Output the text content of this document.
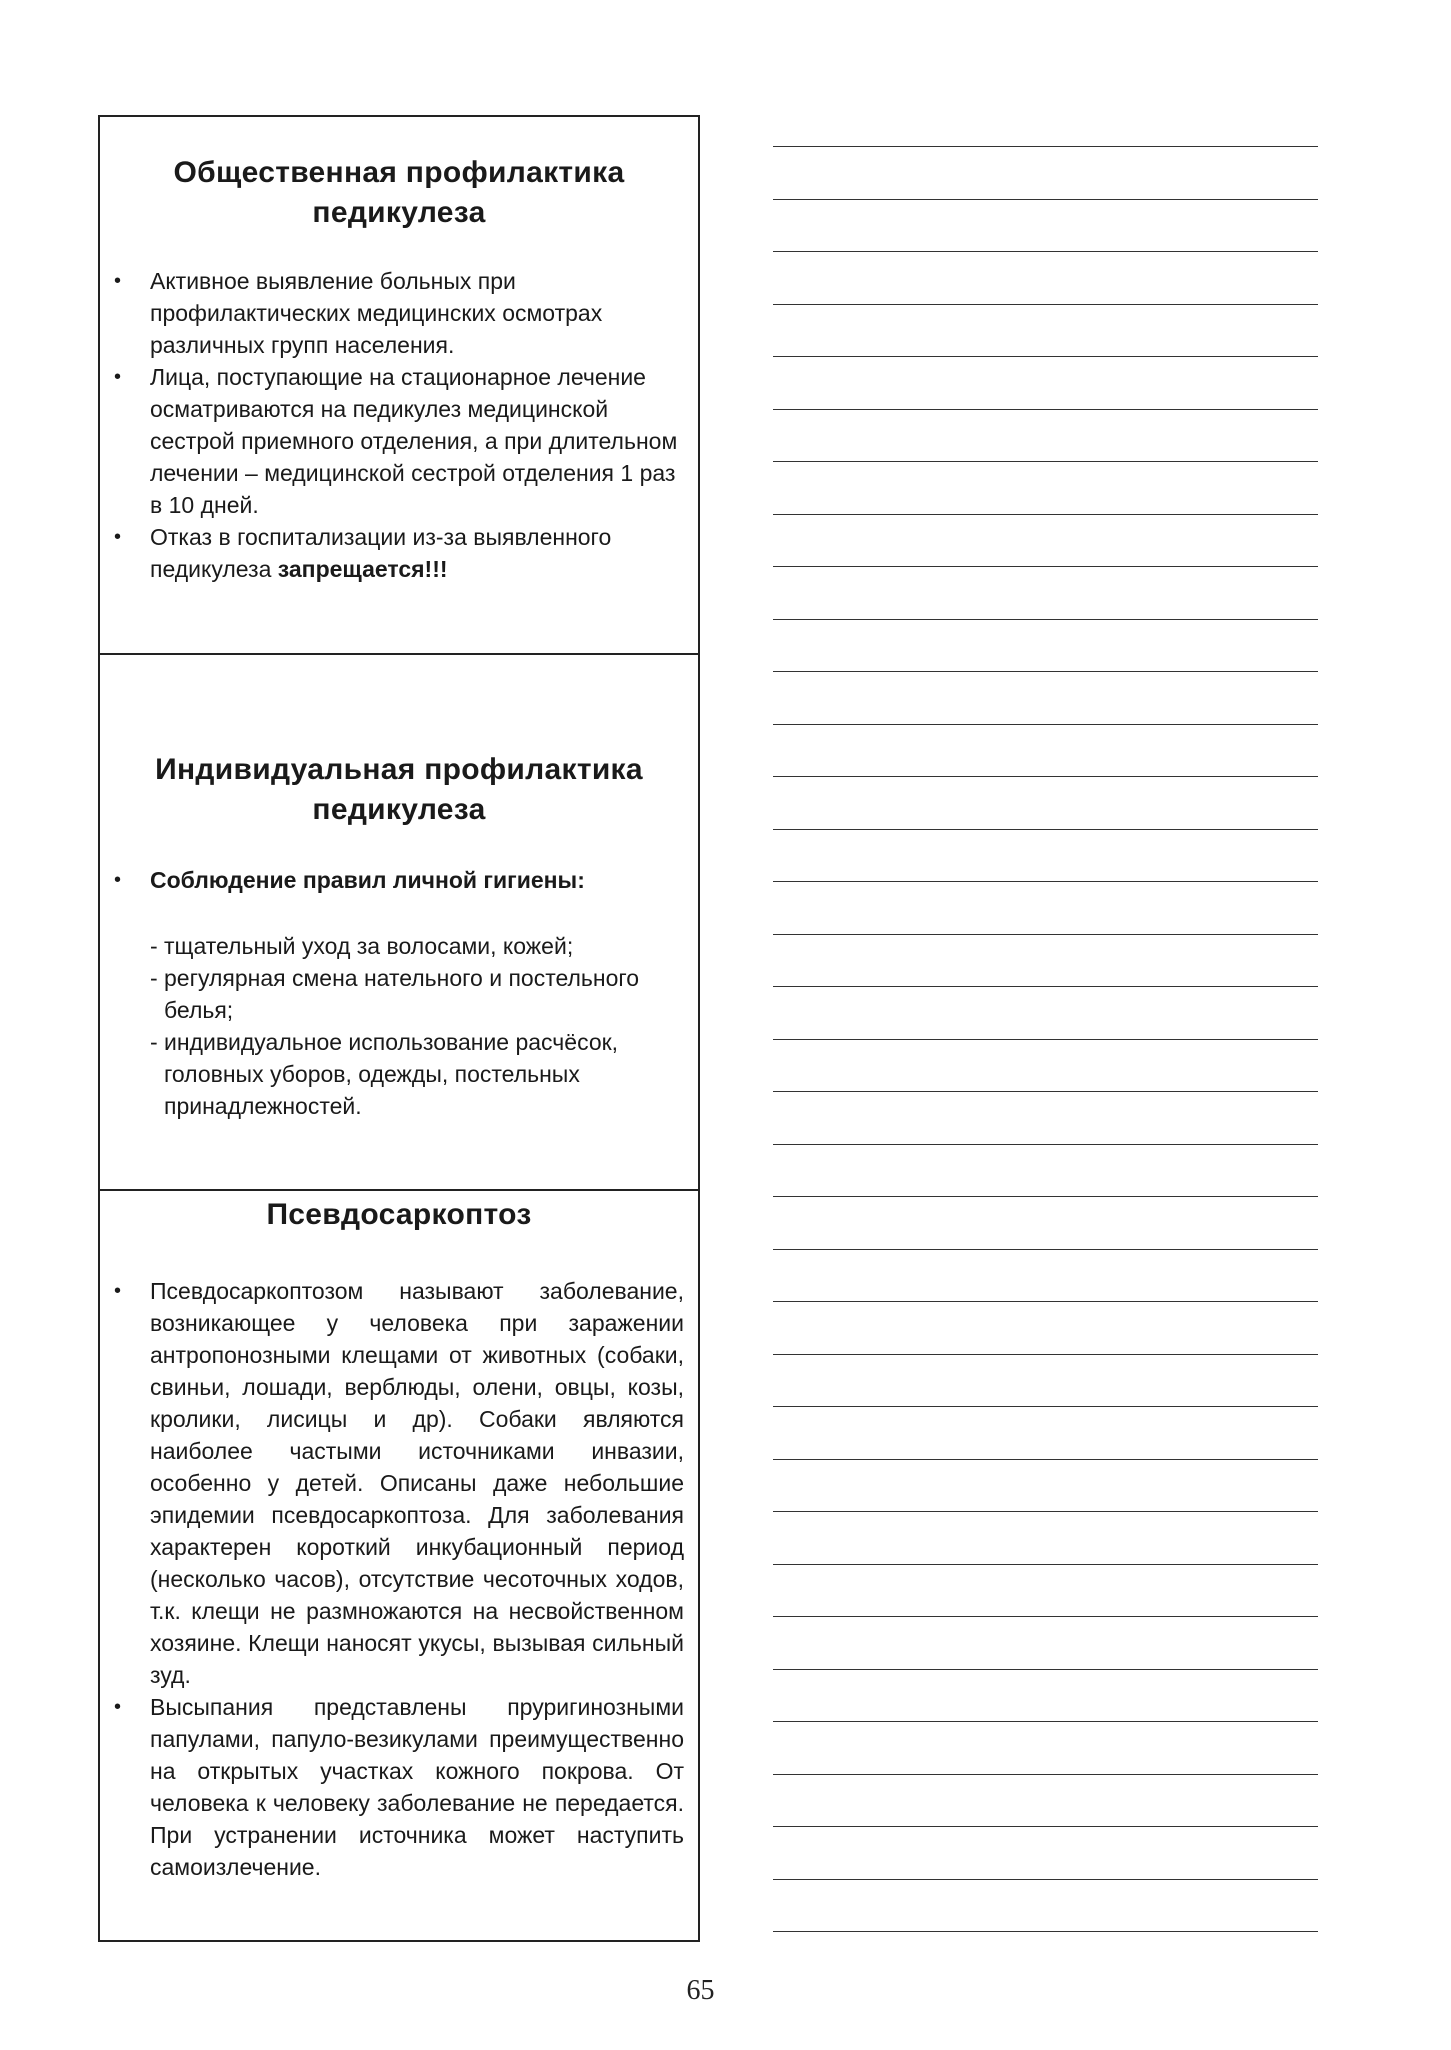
Общественная профилактика педикулеза
• Активное выявление больных при профилактических медицинских осмотрах различных групп населения.
• Лица, поступающие на стационарное лечение осматриваются на педикулез медицинской сестрой приемного отделения, а при длительном лечении – медицинской сестрой отделения 1 раз в 10 дней.
• Отказ в госпитализации из-за выявленного педикулеза запрещается!!!
Индивидуальная профилактика педикулеза
• Соблюдение правил личной гигиены:
- тщательный уход за волосами, кожей;
- регулярная смена нательного и постельного белья;
- индивидуальное использование расчёсок, головных уборов, одежды, постельных принадлежностей.
Псевдосаркоптоз
• Псевдосаркоптозом называют заболевание, возникающее у человека при заражении антропонозными клещами от животных (собаки, свиньи, лошади, верблюды, олени, овцы, козы, кролики, лисицы и др). Собаки являются наиболее частыми источниками инвазии, особенно у детей. Описаны даже небольшие эпидемии псевдосаркоптоза. Для заболевания характерен короткий инкубационный период (несколько часов), отсутствие чесоточных ходов, т.к. клещи не размножаются на несвойственном хозяине. Клещи наносят укусы, вызывая сильный зуд.
• Высыпания представлены пруригинозными папулами, папуло-везикулами преимущественно на открытых участках кожного покрова. От человека к человеку заболевание не передается. При устранении источника может наступить самоизлечение.
65
